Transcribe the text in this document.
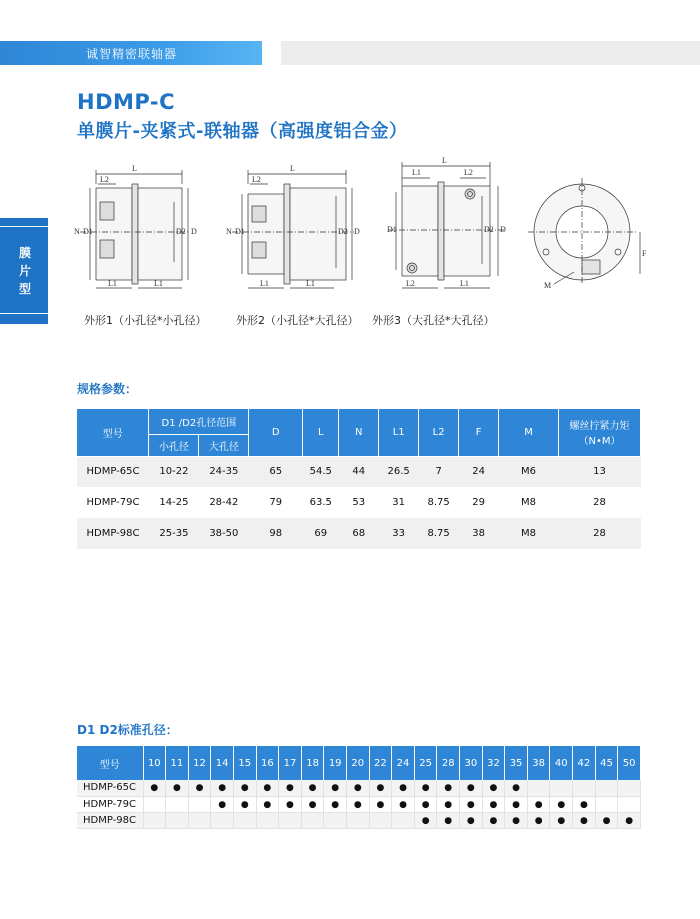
诚智精密联轴器
HDMP-C
单膜片-夹紧式-联轴器（高强度铝合金）
膜
片
型
L
L2
N D1	D2 D
L1	L1
外形1（小孔径*小孔径）
L
L2
N D1	D2 D
L1	L1
外形2（小孔径*大孔径）
L
L1	L2
D1	D2 D
L2	L1
外形3（大孔径*大孔径）
M
F
规格参数：
型号	D1 /D2孔径范围		D	L	N	L1	L2	F	M	螺丝拧紧力矩
（N•M）

	小孔径	大孔径								
HDMP-65C	10-22	24-35	65	54.5	44	26.5	7	24	M6	13
HDMP-79C	14-25	28-42	79	63.5	53	31	8.75	29	M8	28
HDMP-98C	25-35	38-50	98	69	68	33	8.75	38	M8	28
D1 D2标准孔径：
型号	10	11	12	14	15	16	17	18	19	20	22	24	25	28	30	32	35	38	40	42	45	50
HDMP-65C	●	●	●	●	●	●	●	●	●	●	●	●	●	●	●	●	●					
HDMP-79C				●	●	●	●	●	●	●	●	●	●	●	●	●	●	●	●	●		
HDMP-98C													●	●	●	●	●	●	●	●	●	●
